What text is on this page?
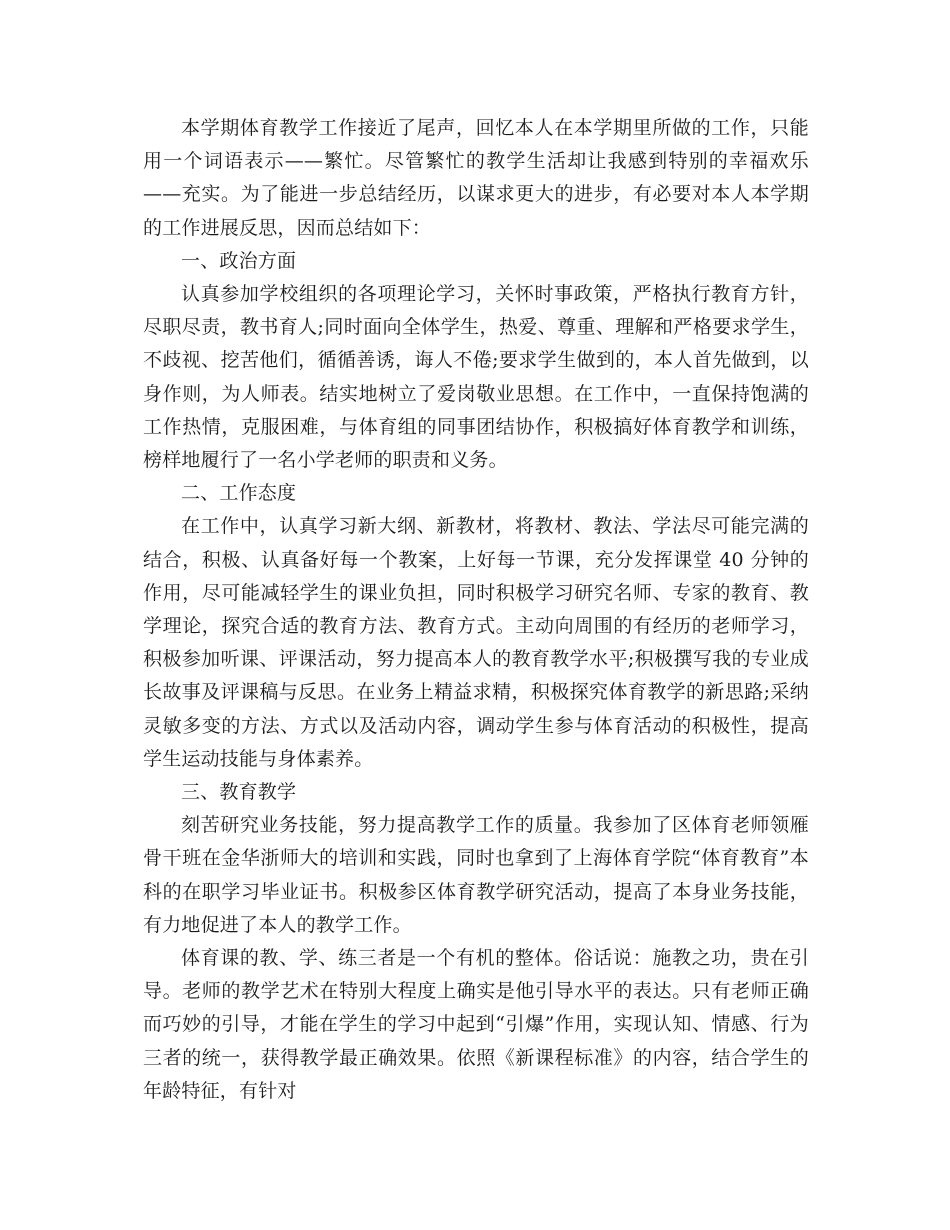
本学期体育教学工作接近了尾声，回忆本人在本学期里所做的工作，只能用一个词语表示——繁忙。尽管繁忙的教学生活却让我感到特别的幸福欢乐——充实。为了能进一步总结经历，以谋求更大的进步，有必要对本人本学期的工作进展反思，因而总结如下：

一、政治方面

认真参加学校组织的各项理论学习，关怀时事政策，严格执行教育方针，尽职尽责，教书育人;同时面向全体学生，热爱、尊重、理解和严格要求学生，不歧视、挖苦他们，循循善诱，诲人不倦;要求学生做到的，本人首先做到，以身作则，为人师表。结实地树立了爱岗敬业思想。在工作中，一直保持饱满的工作热情，克服困难，与体育组的同事团结协作，积极搞好体育教学和训练，榜样地履行了一名小学老师的职责和义务。

二、工作态度

在工作中，认真学习新大纲、新教材，将教材、教法、学法尽可能完满的结合，积极、认真备好每一个教案，上好每一节课，充分发挥课堂 40 分钟的作用，尽可能减轻学生的课业负担，同时积极学习研究名师、专家的教育、教学理论，探究合适的教育方法、教育方式。主动向周围的有经历的老师学习，积极参加听课、评课活动，努力提高本人的教育教学水平;积极撰写我的专业成长故事及评课稿与反思。在业务上精益求精，积极探究体育教学的新思路;采纳灵敏多变的方法、方式以及活动内容，调动学生参与体育活动的积极性，提高学生运动技能与身体素养。

三、教育教学

刻苦研究业务技能，努力提高教学工作的质量。我参加了区体育老师领雁骨干班在金华浙师大的培训和实践，同时也拿到了上海体育学院“体育教育”本科的在职学习毕业证书。积极参区体育教学研究活动，提高了本身业务技能，有力地促进了本人的教学工作。

体育课的教、学、练三者是一个有机的整体。俗话说：施教之功，贵在引导。老师的教学艺术在特别大程度上确实是他引导水平的表达。只有老师正确而巧妙的引导，才能在学生的学习中起到“引爆”作用，实现认知、情感、行为三者的统一，获得教学最正确效果。依照《新课程标准》的内容，结合学生的年龄特征，有针对
